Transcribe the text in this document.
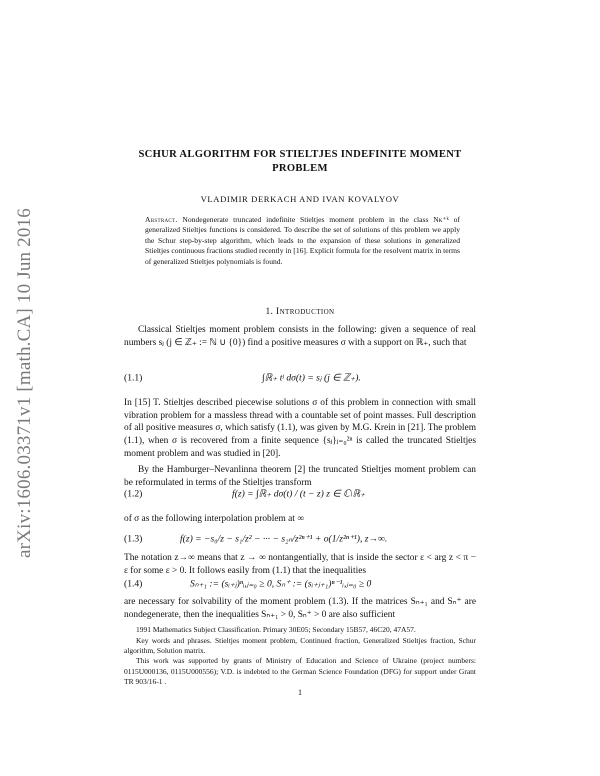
arXiv:1606.03371v1 [math.CA] 10 Jun 2016
SCHUR ALGORITHM FOR STIELTJES INDEFINITE MOMENT
PROBLEM
VLADIMIR DERKACH AND IVAN KOVALYOV
Abstract. Nondegenerate truncated indefinite Stieltjes moment problem in the class Nκ⁺ᵏ of generalized Stieltjes functions is considered. To describe the set of solutions of this problem we apply the Schur step-by-step algorithm, which leads to the expansion of these solutions in generalized Stieltjes continuous fractions studied recently in [16]. Explicit formula for the resolvent matrix in terms of generalized Stieltjes polynomials is found.
1. Introduction
Classical Stieltjes moment problem consists in the following: given a sequence of real numbers sⱼ (j ∈ ℤ₊ := ℕ ∪ {0}) find a positive measures σ with a support on ℝ₊, such that
(1.1)	∫ℝ₊ tʲ dσ(t) = sⱼ (j ∈ ℤ₊).
In [15] T. Stieltjes described piecewise solutions σ of this problem in connection with small vibration problem for a massless thread with a countable set of point masses. Full description of all positive measures σ, which satisfy (1.1), was given by M.G. Krein in [21]. The problem (1.1), when σ is recovered from a finite sequence {sⱼ}ⱼ₌₀²ⁿ is called the truncated Stieltjes moment problem and was studied in [20].
By the Hamburger–Nevanlinna theorem [2] the truncated Stieltjes moment problem can be reformulated in terms of the Stieltjes transform
(1.2)	f(z) = ∫ℝ₊ dσ(t) / (t − z) z ∈ ℂ\ℝ₊
of σ as the following interpolation problem at ∞
(1.3)	f(z) = −s₀/z − s₁/z² − ··· − s₂ₙ/z²ⁿ⁺¹ + o(1/z²ⁿ⁺¹), z→∞.
The notation z→∞ means that z → ∞ nontangentially, that is inside the sector ε < arg z < π − ε for some ε > 0. It follows easily from (1.1) that the inequalities
(1.4)	Sₙ₊₁ := (sᵢ₊ⱼ)ⁿᵢ,ⱼ₌₀ ≥ 0, Sₙ⁺ := (sᵢ₊ⱼ₊₁)ⁿ⁻¹ᵢ,ⱼ₌₀ ≥ 0

are necessary for solvability of the moment problem (1.3). If the matrices Sₙ₊₁ and Sₙ⁺ are nondegenerate, then the inequalities Sₙ₊₁ > 0, Sₙ⁺ > 0 are also sufficient

1991 Mathematics Subject Classification. Primary 30E05; Secondary 15B57, 46C20, 47A57.

Key words and phrases. Stieltjes moment problem, Continued fraction, Generalized Stieltjes fraction, Schur algorithm, Solution matrix.

This work was supported by grants of Ministry of Education and Science of Ukraine (project numbers: 0115U000136, 0115U000556); V.D. is indebted to the German Science Foundation (DFG) for support under Grant TR 903/16-1 .

1
